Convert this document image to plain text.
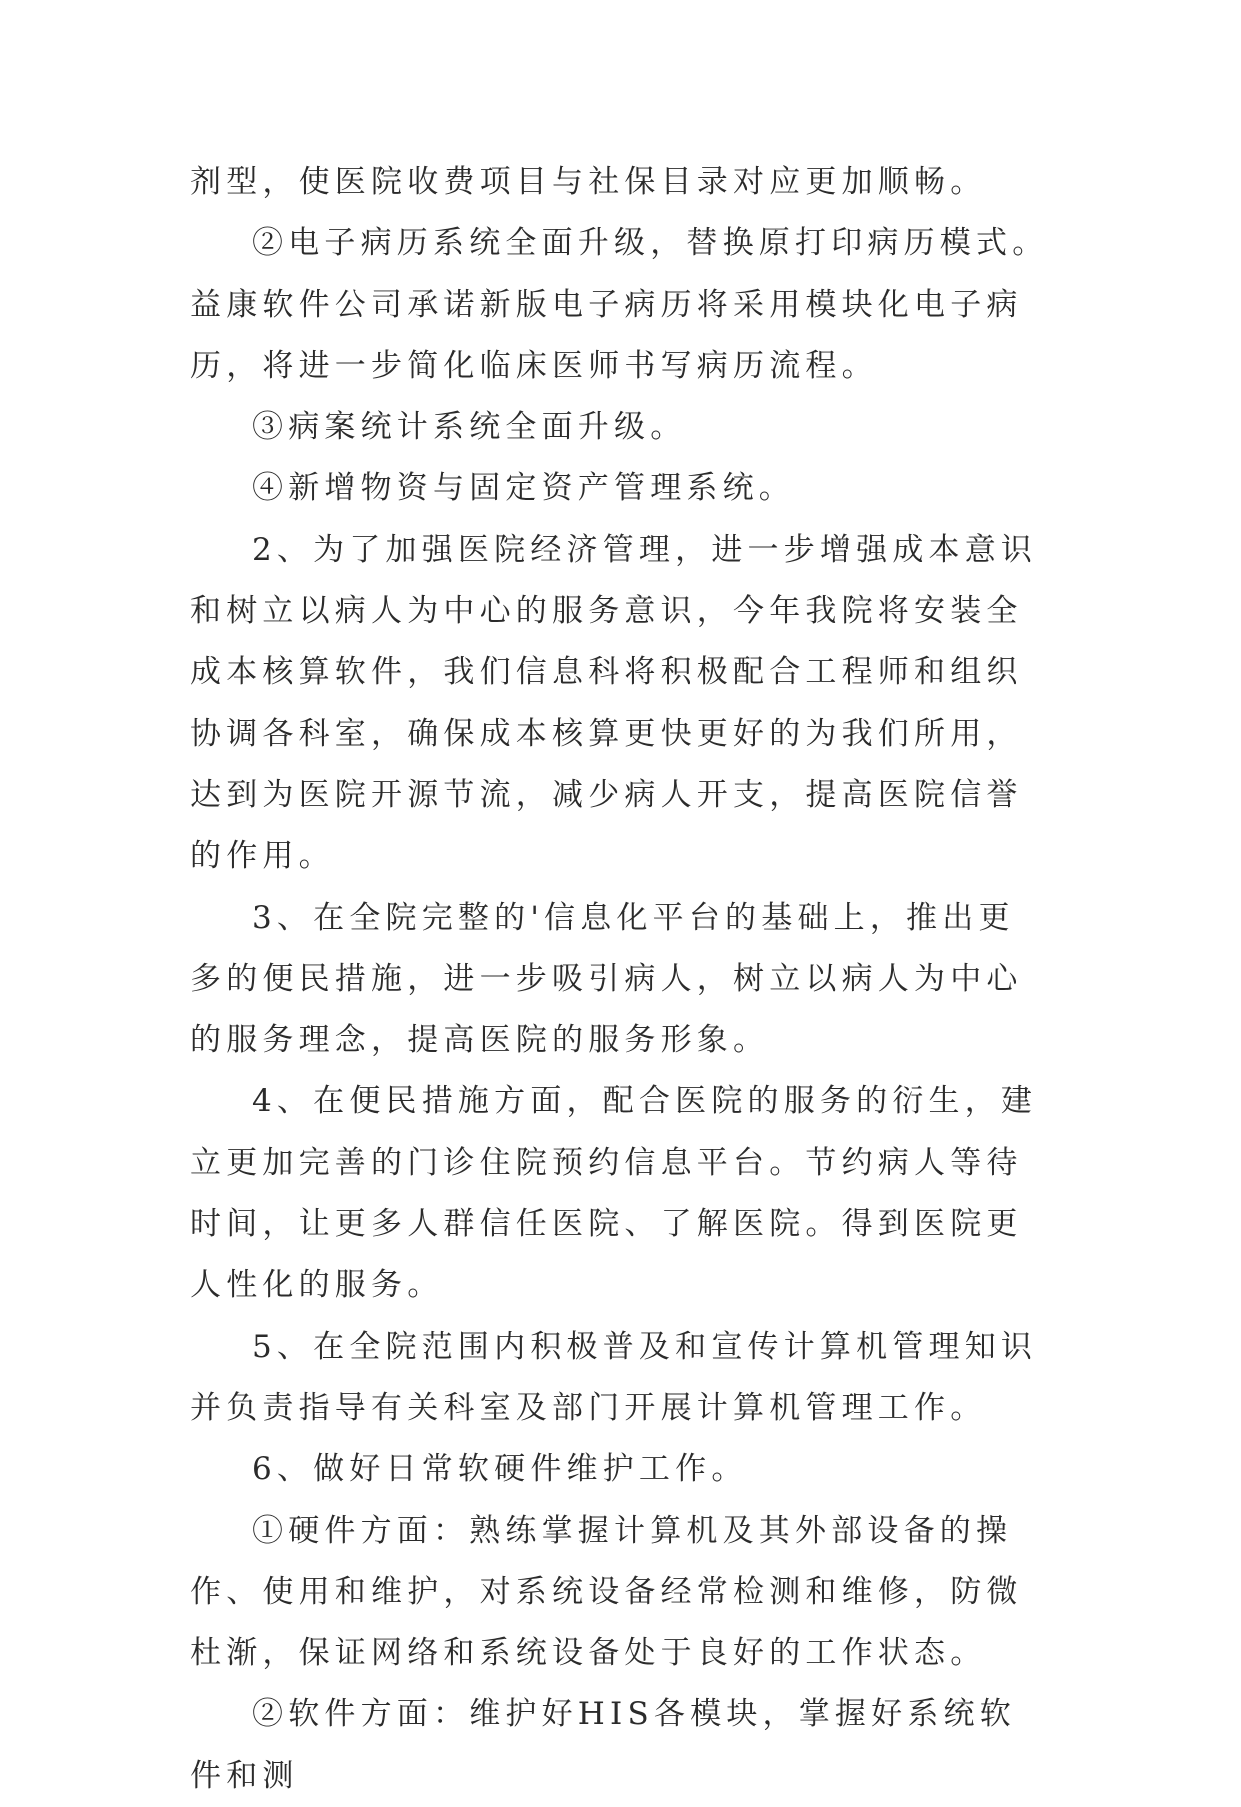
剂型，使医院收费项目与社保目录对应更加顺畅。

②电子病历系统全面升级，替换原打印病历模式。益康软件公司承诺新版电子病历将采用模块化电子病历，将进一步简化临床医师书写病历流程。

③病案统计系统全面升级。

④新增物资与固定资产管理系统。

2、为了加强医院经济管理，进一步增强成本意识和树立以病人为中心的服务意识，今年我院将安装全成本核算软件，我们信息科将积极配合工程师和组织协调各科室，确保成本核算更快更好的为我们所用，达到为医院开源节流，减少病人开支，提高医院信誉的作用。

3、在全院完整的'信息化平台的基础上，推出更多的便民措施，进一步吸引病人，树立以病人为中心的服务理念，提高医院的服务形象。

4、在便民措施方面，配合医院的服务的衍生，建立更加完善的门诊住院预约信息平台。节约病人等待时间，让更多人群信任医院、了解医院。得到医院更人性化的服务。

5、在全院范围内积极普及和宣传计算机管理知识并负责指导有关科室及部门开展计算机管理工作。

6、做好日常软硬件维护工作。

①硬件方面：熟练掌握计算机及其外部设备的操作、使用和维护，对系统设备经常检测和维修，防微杜渐，保证网络和系统设备处于良好的工作状态。

②软件方面：维护好HIS各模块，掌握好系统软件和测
